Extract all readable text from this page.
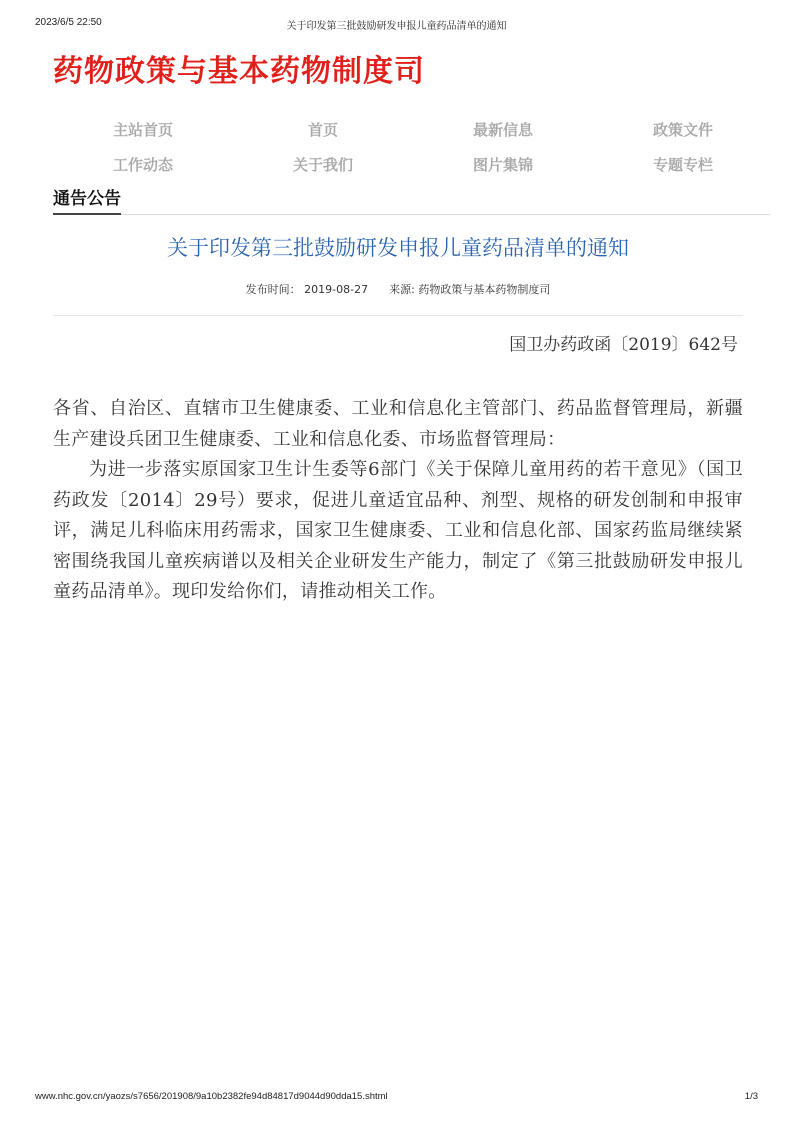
2023/6/5 22:50	关于印发第三批鼓励研发申报儿童药品清单的通知
药物政策与基本药物制度司
主站首页	首页	最新信息	政策文件
工作动态	关于我们	图片集锦	专题专栏
通告公告
关于印发第三批鼓励研发申报儿童药品清单的通知
发布时间： 2019-08-27 来源: 药物政策与基本药物制度司
国卫办药政函〔2019〕642号

各省、自治区、直辖市卫生健康委、工业和信息化主管部门、药品监督管理局，新疆生产建设兵团卫生健康委、工业和信息化委、市场监督管理局：

为进一步落实原国家卫生计生委等6部门《关于保障儿童用药的若干意见》（国卫药政发〔2014〕29号）要求，促进儿童适宜品种、剂型、规格的研发创制和申报审评，满足儿科临床用药需求，国家卫生健康委、工业和信息化部、国家药监局继续紧密围绕我国儿童疾病谱以及相关企业研发生产能力，制定了《第三批鼓励研发申报儿童药品清单》。现印发给你们，请推动相关工作。

www.nhc.gov.cn/yaozs/s7656/201908/9a10b2382fe94d84817d9044d90dda15.shtml	1/3
